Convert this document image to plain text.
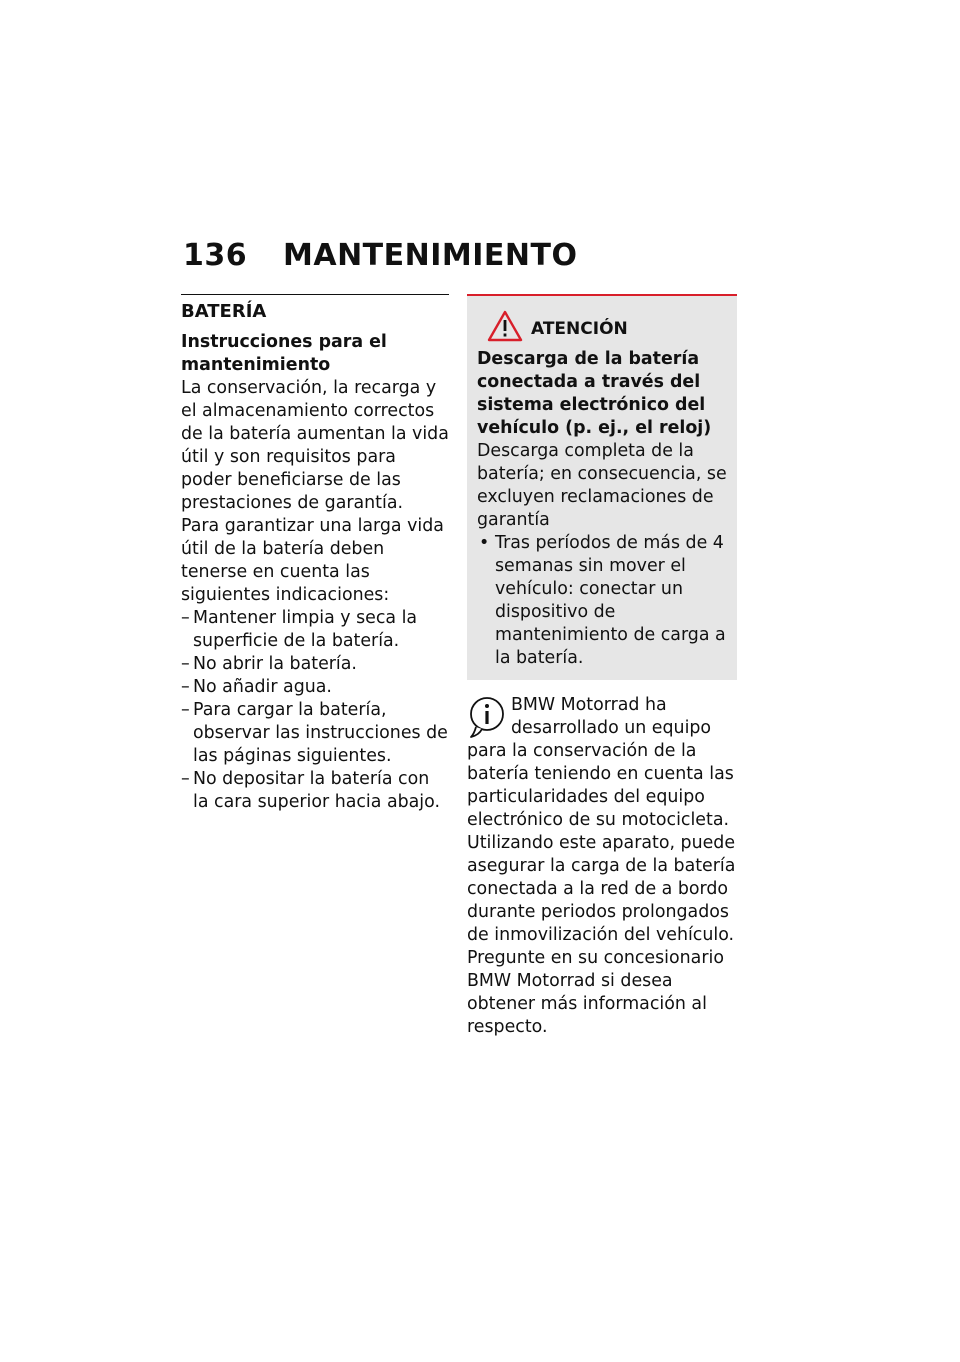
136 MANTENIMIENTO
BATERÍA
Instrucciones para el mantenimiento

La conservación, la recarga y el almacenamiento correctos de la batería aumentan la vida útil y son requisitos para poder beneficiarse de las prestaciones de garantía.

Para garantizar una larga vida útil de la batería deben tenerse en cuenta las siguientes indicaciones:

– Mantener limpia y seca la superficie de la batería.
– No abrir la batería.
– No añadir agua.
– Para cargar la batería, observar las instrucciones de las páginas siguientes.
– No depositar la batería con la cara superior hacia abajo.
ATENCIÓN
Descarga de la batería conectada a través del sistema electrónico del vehículo (p. ej., el reloj)

Descarga completa de la batería; en consecuencia, se excluyen reclamaciones de garantía

• Tras períodos de más de 4 semanas sin mover el vehículo: conectar un dispositivo de mantenimiento de carga a la batería.

BMW Motorrad ha desarrollado un equipo para la conservación de la batería teniendo en cuenta las particularidades del equipo electrónico de su motocicleta. Utilizando este aparato, puede asegurar la carga de la batería conectada a la red de a bordo durante periodos prolongados de inmovilización del vehículo. Pregunte en su concesionario BMW Motorrad si desea obtener más información al respecto.
